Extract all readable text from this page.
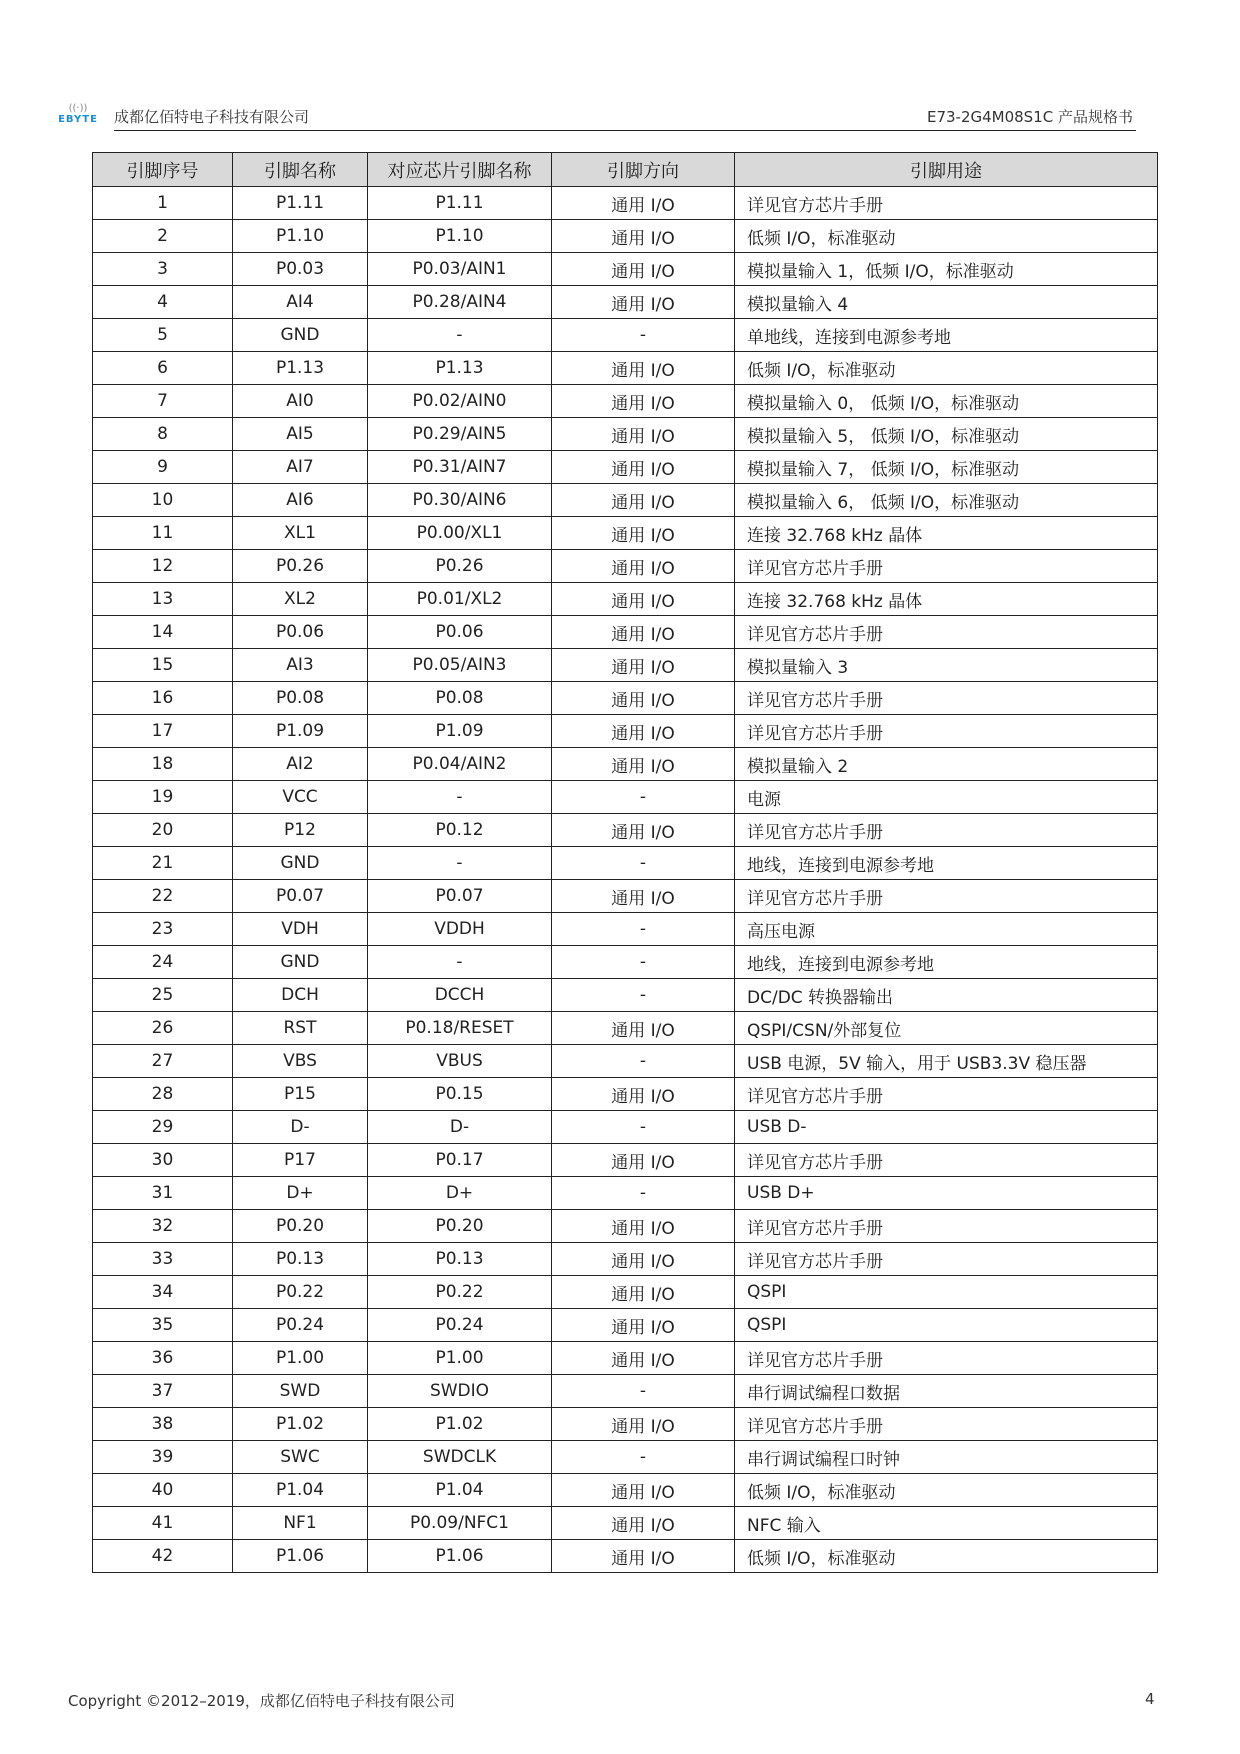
((·))
EBYTE 成都亿佰特电子科技有限公司	E73-2G4M08S1C 产品规格书
引脚序号	引脚名称	对应芯片引脚名称	引脚方向	引脚用途
1	P1.11	P1.11	通用 I/O	详见官方芯片手册
2	P1.10	P1.10	通用 I/O	低频 I/O，标准驱动
3	P0.03	P0.03/AIN1	通用 I/O	模拟量输入 1，低频 I/O，标准驱动
4	AI4	P0.28/AIN4	通用 I/O	模拟量输入 4
5	GND	-	-	单地线，连接到电源参考地
6	P1.13	P1.13	通用 I/O	低频 I/O，标准驱动
7	AI0	P0.02/AIN0	通用 I/O	模拟量输入 0， 低频 I/O，标准驱动
8	AI5	P0.29/AIN5	通用 I/O	模拟量输入 5， 低频 I/O，标准驱动
9	AI7	P0.31/AIN7	通用 I/O	模拟量输入 7， 低频 I/O，标准驱动
10	AI6	P0.30/AIN6	通用 I/O	模拟量输入 6， 低频 I/O，标准驱动
11	XL1	P0.00/XL1	通用 I/O	连接 32.768 kHz 晶体
12	P0.26	P0.26	通用 I/O	详见官方芯片手册
13	XL2	P0.01/XL2	通用 I/O	连接 32.768 kHz 晶体
14	P0.06	P0.06	通用 I/O	详见官方芯片手册
15	AI3	P0.05/AIN3	通用 I/O	模拟量输入 3
16	P0.08	P0.08	通用 I/O	详见官方芯片手册
17	P1.09	P1.09	通用 I/O	详见官方芯片手册
18	AI2	P0.04/AIN2	通用 I/O	模拟量输入 2
19	VCC	-	-	电源
20	P12	P0.12	通用 I/O	详见官方芯片手册
21	GND	-	-	地线，连接到电源参考地
22	P0.07	P0.07	通用 I/O	详见官方芯片手册
23	VDH	VDDH	-	高压电源
24	GND	-	-	地线，连接到电源参考地
25	DCH	DCCH	-	DC/DC 转换器输出
26	RST	P0.18/RESET	通用 I/O	QSPI/CSN/外部复位
27	VBS	VBUS	-	USB 电源，5V 输入，用于 USB3.3V 稳压器
28	P15	P0.15	通用 I/O	详见官方芯片手册
29	D-	D-	-	USB D-
30	P17	P0.17	通用 I/O	详见官方芯片手册
31	D+	D+	-	USB D+
32	P0.20	P0.20	通用 I/O	详见官方芯片手册
33	P0.13	P0.13	通用 I/O	详见官方芯片手册
34	P0.22	P0.22	通用 I/O	QSPI
35	P0.24	P0.24	通用 I/O	QSPI
36	P1.00	P1.00	通用 I/O	详见官方芯片手册
37	SWD	SWDIO	-	串行调试编程口数据
38	P1.02	P1.02	通用 I/O	详见官方芯片手册
39	SWC	SWDCLK	-	串行调试编程口时钟
40	P1.04	P1.04	通用 I/O	低频 I/O，标准驱动
41	NF1	P0.09/NFC1	通用 I/O	NFC 输入
42	P1.06	P1.06	通用 I/O	低频 I/O，标准驱动
Copyright ©2012–2019，成都亿佰特电子科技有限公司	4
